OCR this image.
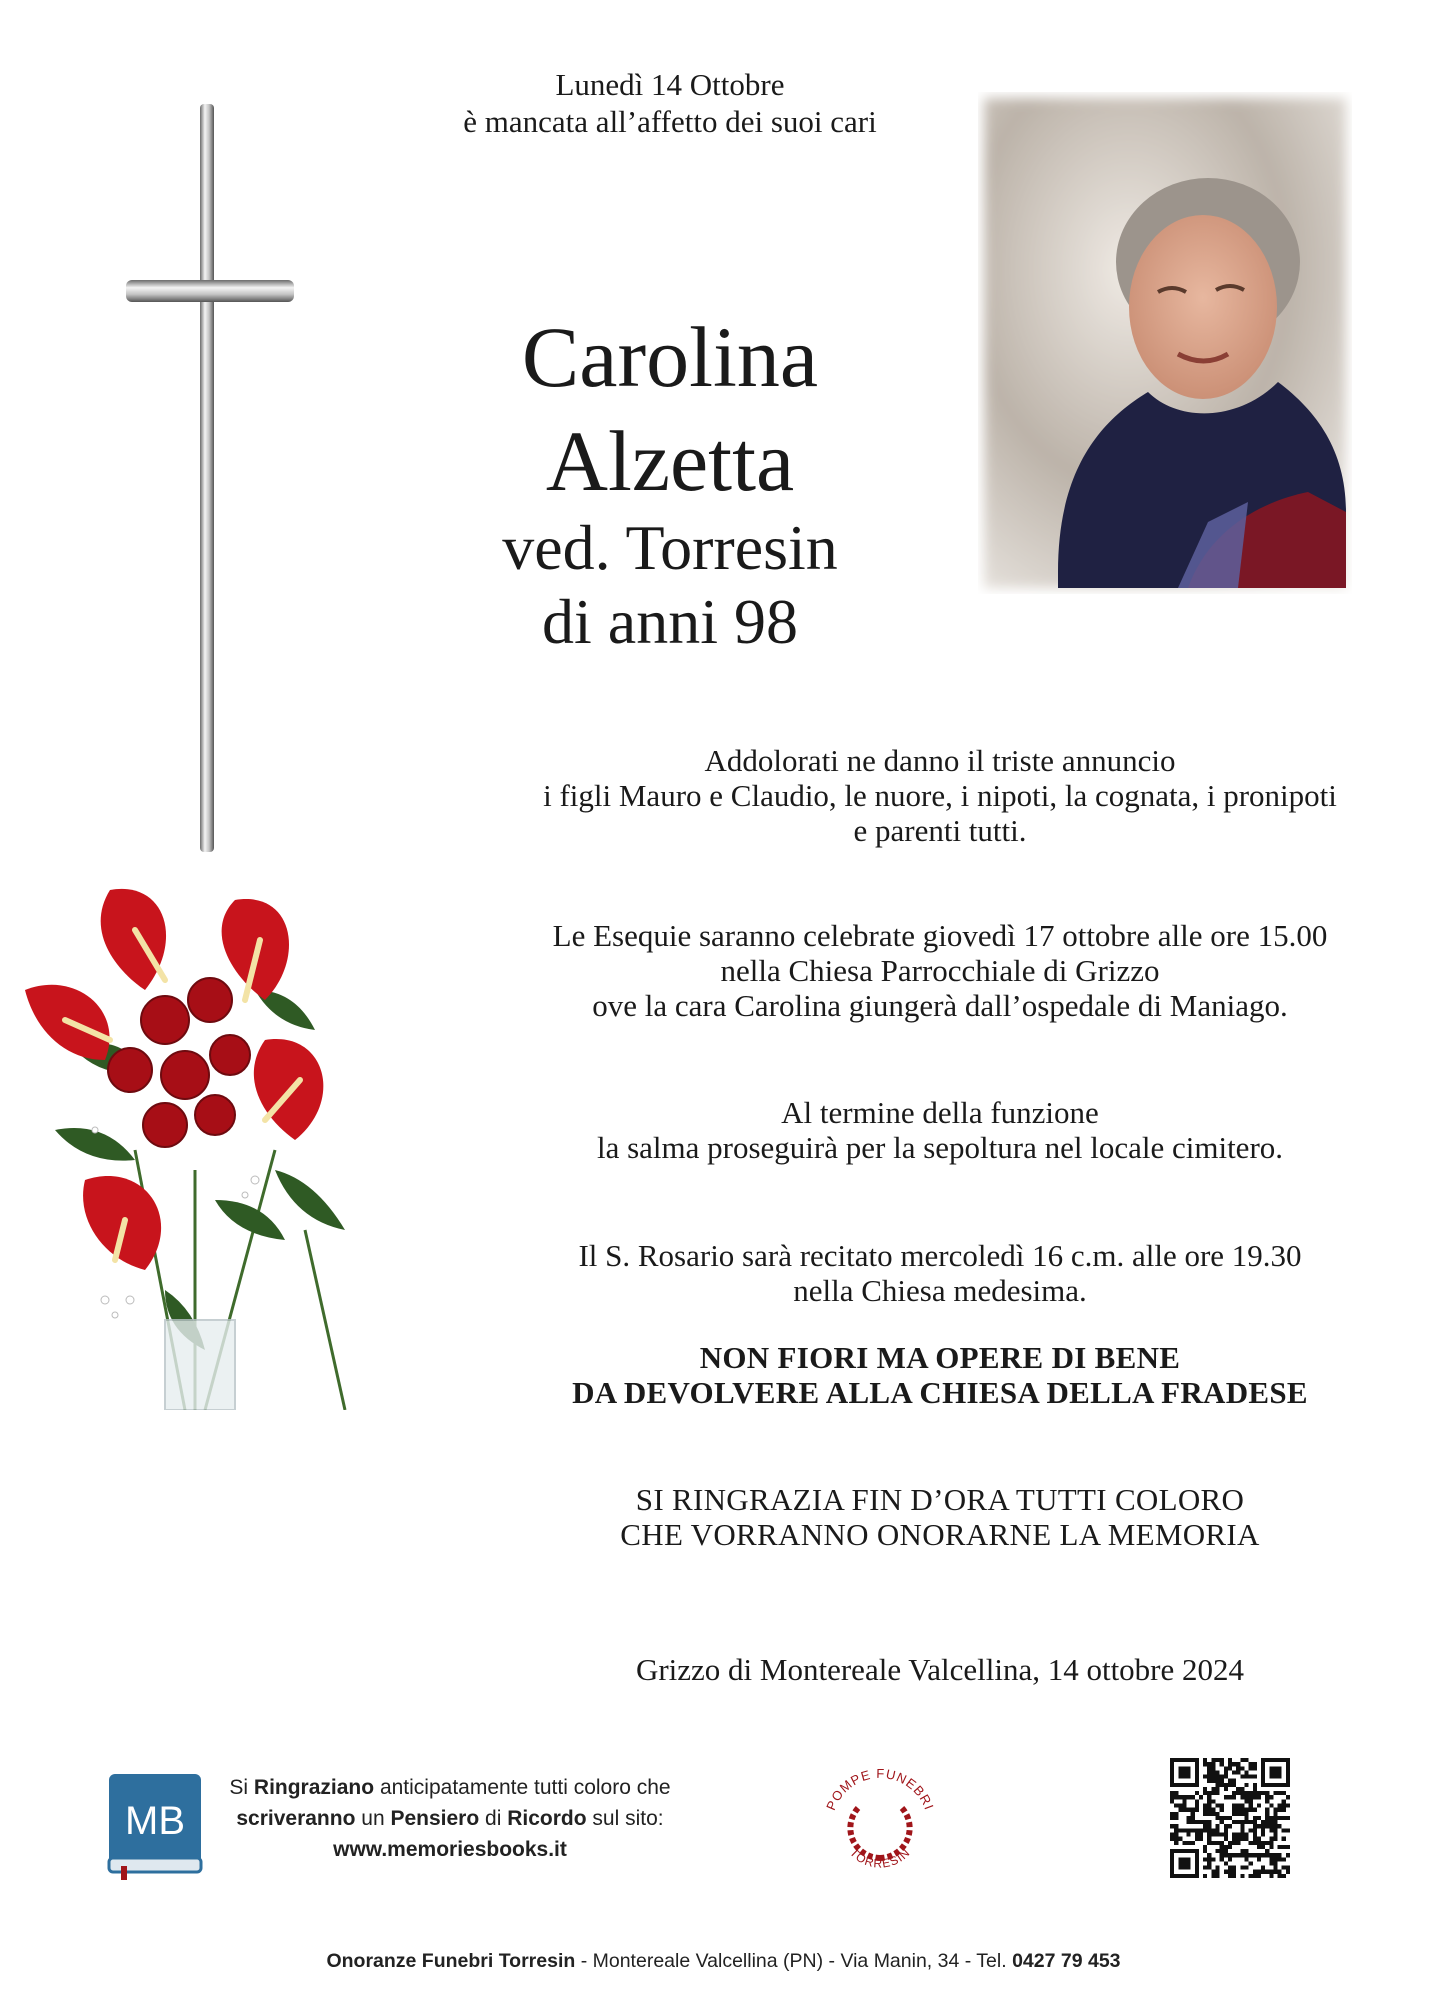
Lunedì 14 Ottobre
è mancata all’affetto dei suoi cari
Carolina
Alzetta
ved. Torresin
di anni 98
Addolorati ne danno il triste annuncio
i figli Mauro e Claudio, le nuore, i nipoti, la cognata, i pronipoti
e parenti tutti.
Le Esequie saranno celebrate giovedì 17 ottobre alle ore 15.00
nella Chiesa Parrocchiale di Grizzo
ove la cara Carolina giungerà dall’ospedale di Maniago.
Al termine della funzione
la salma proseguirà per la sepoltura nel locale cimitero.
Il S. Rosario sarà recitato mercoledì 16 c.m. alle ore 19.30
nella Chiesa medesima.
NON FIORI MA OPERE DI BENE
DA DEVOLVERE ALLA CHIESA DELLA FRADESE
SI RINGRAZIA FIN D’ORA TUTTI COLORO
CHE VORRANNO ONORARNE LA MEMORIA
Grizzo di Montereale Valcellina, 14 ottobre 2024
MB
Si Ringraziano anticipatamente tutti coloro che
scriveranno un Pensiero di Ricordo sul sito:
www.memoriesbooks.it
POMPE FUNEBRI
TORRESIN
Onoranze Funebri Torresin - Montereale Valcellina (PN) - Via Manin, 34 - Tel. 0427 79 453
